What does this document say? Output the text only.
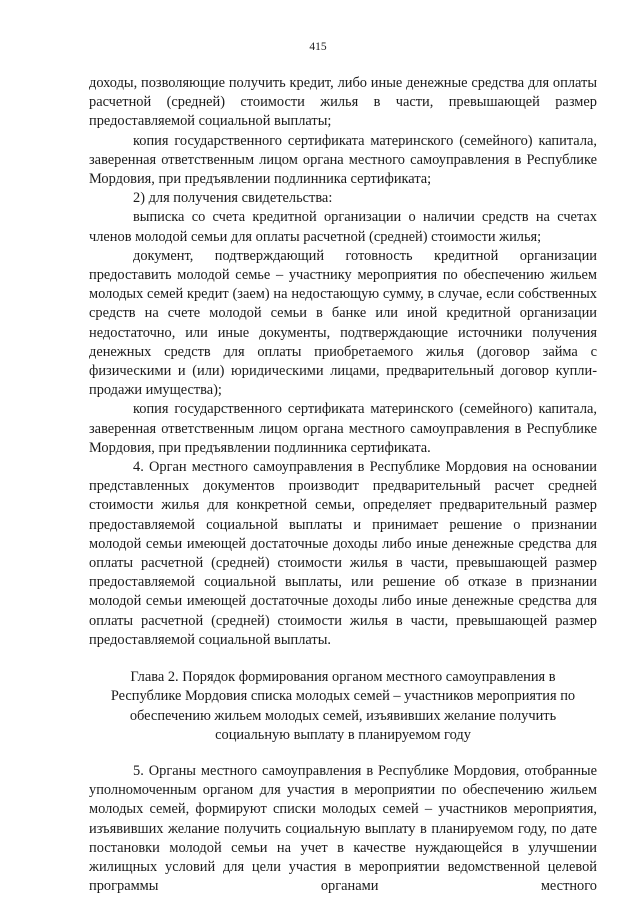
415

доходы, позволяющие получить кредит, либо иные денежные средства для оплаты расчетной (средней) стоимости жилья в части, превышающей размер предоставляемой социальной выплаты;

копия государственного сертификата материнского (семейного) капитала, заверенная ответственным лицом органа местного самоуправления в Республике Мордовия, при предъявлении подлинника сертификата;

2) для получения свидетельства:

выписка со счета кредитной организации о наличии средств на счетах членов молодой семьи для оплаты расчетной (средней) стоимости жилья;

документ, подтверждающий готовность кредитной организации предоставить молодой семье – участнику мероприятия по обеспечению жильем молодых семей кредит (заем) на недостающую сумму, в случае, если собственных средств на счете молодой семьи в банке или иной кредитной организации недостаточно, или иные документы, подтверждающие источники получения денежных средств для оплаты приобретаемого жилья (договор займа с физическими и (или) юридическими лицами, предварительный договор купли-продажи имущества);

копия государственного сертификата материнского (семейного) капитала, заверенная ответственным лицом органа местного самоуправления в Республике Мордовия, при предъявлении подлинника сертификата.

4. Орган местного самоуправления в Республике Мордовия на основании представленных документов производит предварительный расчет средней стоимости жилья для конкретной семьи, определяет предварительный размер предоставляемой социальной выплаты и принимает решение о признании молодой семьи имеющей достаточные доходы либо иные денежные средства для оплаты расчетной (средней) стоимости жилья в части, превышающей размер предоставляемой социальной выплаты, или решение об отказе в признании молодой семьи имеющей достаточные доходы либо иные денежные средства для оплаты расчетной (средней) стоимости жилья в части, превышающей размер предоставляемой социальной выплаты.

Глава 2. Порядок формирования органом местного самоуправления в

Республике Мордовия списка молодых семей – участников мероприятия по

обеспечению жильем молодых семей, изъявивших желание получить

социальную выплату в планируемом году

5. Органы местного самоуправления в Республике Мордовия, отобранные уполномоченным органом для участия в мероприятии по обеспечению жильем молодых семей, формируют списки молодых семей – участников мероприятия, изъявивших желание получить социальную выплату в планируемом году, по дате постановки молодой семьи на учет в качестве нуждающейся в улучшении жилищных условий для цели участия в мероприятии ведомственной целевой программы органами местного
